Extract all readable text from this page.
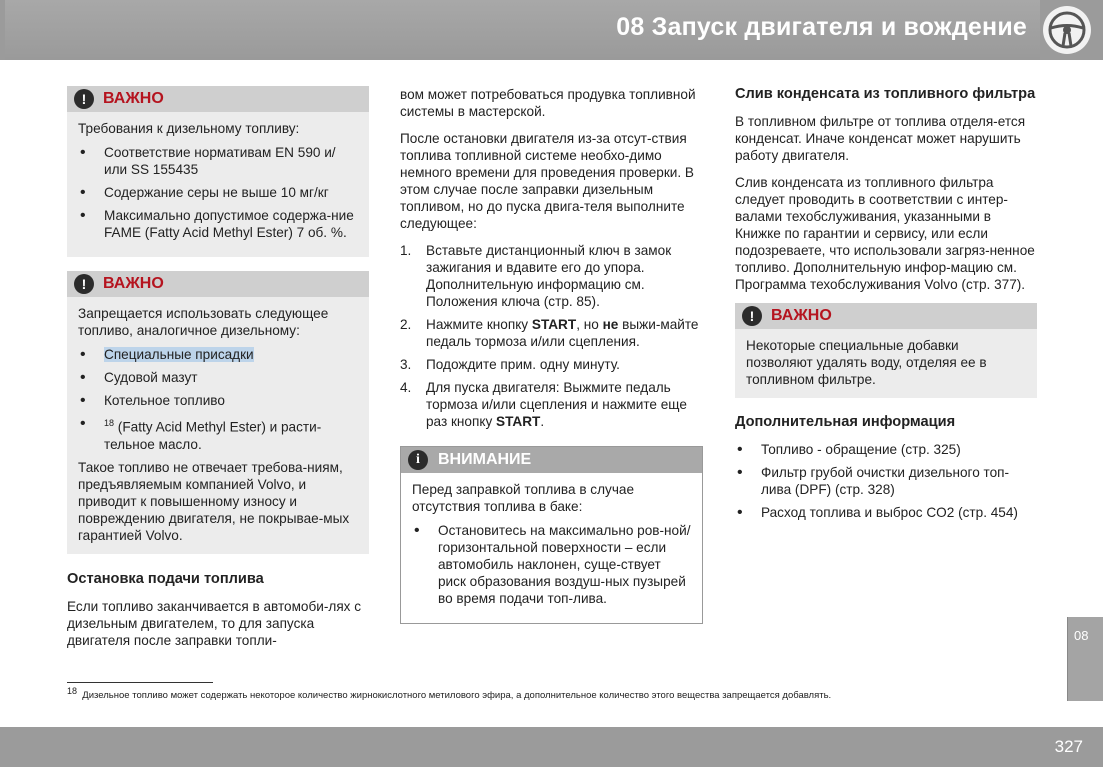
08 Запуск двигателя и вождение
!	ВАЖНО

Требования к дизельному топливу:

• Соответствие нормативам EN 590 и/или SS 155435
• Содержание серы не выше 10 мг/кг
• Максимально допустимое содержа-ние FAME (Fatty Acid Methyl Ester) 7 об. %.
!	ВАЖНО

Запрещается использовать следующее топливо, аналогичное дизельному:

• Специальные присадки
• Судовой мазут
• Котельное топливо
• $^{18}$ (Fatty Acid Methyl Ester) и расти-тельное масло.

Такое топливо не отвечает требова-ниям, предъявляемым компанией Volvo, и приводит к повышенному износу и повреждению двигателя, не покрывае-мых гарантией Volvo.

Остановка подачи топлива

Если топливо заканчивается в автомоби-лях с дизельным двигателем, то для запуска двигателя после заправки топли-

вом может потребоваться продувка топливной системы в мастерской.

После остановки двигателя из-за отсут-ствия топлива топливной системе необхо-димо немного времени для проведения проверки. В этом случае после заправки дизельным топливом, но до пуска двига-теля выполните следующее:

1. Вставьте дистанционный ключ в замок зажигания и вдавите его до упора. Дополнительную информацию см. Положения ключа (стр. 85).
2. Нажмите кнопку START, но не выжи-майте педаль тормоза и/или сцепления.
3. Подождите прим. одну минуту.
4. Для пуска двигателя: Выжмите педаль тормоза и/или сцепления и нажмите еще раз кнопку START.
i	ВНИМАНИЕ

Перед заправкой топлива в случае отсутствия топлива в баке:

• Остановитесь на максимально ров-ной/горизонтальной поверхности – если автомобиль наклонен, суще-ствует риск образования воздуш-ных пузырей во время подачи топ-лива.

Слив конденсата из топливного фильтра

В топливном фильтре от топлива отделя-ется конденсат. Иначе конденсат может нарушить работу двигателя.

Слив конденсата из топливного фильтра следует проводить в соответствии с интер-валами техобслуживания, указанными в Книжке по гарантии и сервису, или если подозреваете, что использовали загряз-ненное топливо. Дополнительную инфор-мацию см. Программа техобслуживания Volvo (стр. 377).

!	ВАЖНО

Некоторые специальные добавки позволяют удалять воду, отделяя ее в топливном фильтре.

Дополнительная информация

• Топливо - обращение (стр. 325)
• Фильтр грубой очистки дизельного топ-лива (DPF) (стр. 328)
• Расход топлива и выброс CO2 (стр. 454)
08
$^{18}$ Дизельное топливо может содержать некоторое количество жирнокислотного метилового эфира, а дополнительное количество этого вещества запрещается добавлять.
327
